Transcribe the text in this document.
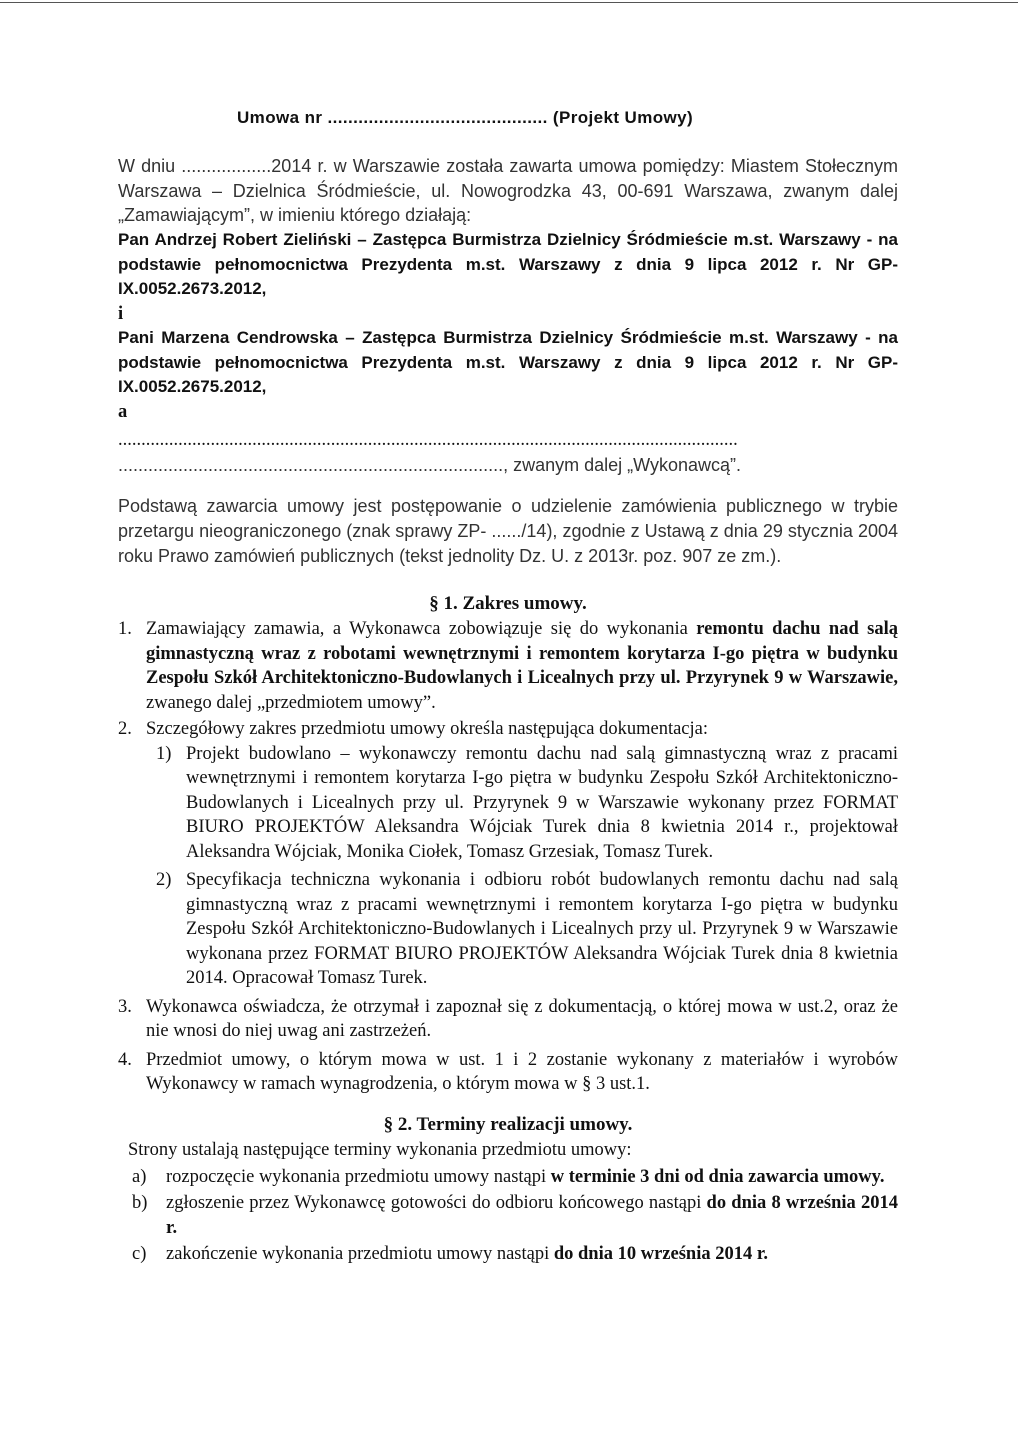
Umowa nr ........................................... (Projekt Umowy)

W dniu ..................2014 r. w Warszawie została zawarta umowa pomiędzy: Miastem Stołecznym Warszawa – Dzielnica Śródmieście, ul. Nowogrodzka 43, 00-691 Warszawa, zwanym dalej „Zamawiającym”, w imieniu którego działają:

Pan Andrzej Robert Zieliński – Zastępca Burmistrza Dzielnicy Śródmieście m.st. Warszawy - na podstawie pełnomocnictwa Prezydenta m.st. Warszawy z dnia 9 lipca 2012 r. Nr GP-IX.0052.2673.2012,

i

Pani Marzena Cendrowska – Zastępca Burmistrza Dzielnicy Śródmieście m.st. Warszawy - na podstawie pełnomocnictwa Prezydenta m.st. Warszawy z dnia 9 lipca 2012 r. Nr GP-IX.0052.2675.2012,

a

......................................................................................................................................

............................................................................., zwanym dalej „Wykonawcą”.

Podstawą zawarcia umowy jest postępowanie o udzielenie zamówienia publicznego w trybie przetargu nieograniczonego (znak sprawy ZP- ....../14), zgodnie z Ustawą z dnia 29 stycznia 2004 roku Prawo zamówień publicznych (tekst jednolity Dz. U. z 2013r. poz. 907 ze zm.).

§ 1. Zakres umowy.
1. Zamawiający zamawia, a Wykonawca zobowiązuje się do wykonania remontu dachu nad salą gimnastyczną wraz z robotami wewnętrznymi i remontem korytarza I-go piętra w budynku Zespołu Szkół Architektoniczno-Budowlanych i Licealnych przy ul. Przyrynek 9 w Warszawie, zwanego dalej „przedmiotem umowy”.

2. Szczegółowy zakres przedmiotu umowy określa następująca dokumentacja:

1) Projekt budowlano – wykonawczy remontu dachu nad salą gimnastyczną wraz z pracami wewnętrznymi i remontem korytarza I-go piętra w budynku Zespołu Szkół Architektoniczno-Budowlanych i Licealnych przy ul. Przyrynek 9 w Warszawie wykonany przez FORMAT BIURO PROJEKTÓW Aleksandra Wójciak Turek dnia 8 kwietnia 2014 r., projektował Aleksandra Wójciak, Monika Ciołek, Tomasz Grzesiak, Tomasz Turek.

2) Specyfikacja techniczna wykonania i odbioru robót budowlanych remontu dachu nad salą gimnastyczną wraz z pracami wewnętrznymi i remontem korytarza I-go piętra w budynku Zespołu Szkół Architektoniczno-Budowlanych i Licealnych przy ul. Przyrynek 9 w Warszawie wykonana przez FORMAT BIURO PROJEKTÓW Aleksandra Wójciak Turek dnia 8 kwietnia 2014. Opracował Tomasz Turek.

3. Wykonawca oświadcza, że otrzymał i zapoznał się z dokumentacją, o której mowa w ust.2, oraz że nie wnosi do niej uwag ani zastrzeżeń.

4. Przedmiot umowy, o którym mowa w ust. 1 i 2 zostanie wykonany z materiałów i wyrobów Wykonawcy w ramach wynagrodzenia, o którym mowa w § 3 ust.1.

§ 2. Terminy realizacji umowy.

Strony ustalają następujące terminy wykonania przedmiotu umowy:

a)	rozpoczęcie wykonania przedmiotu umowy nastąpi w terminie 3 dni od dnia zawarcia umowy.

b)	zgłoszenie przez Wykonawcę gotowości do odbioru końcowego nastąpi do dnia 8 września 2014 r.

c)	zakończenie wykonania przedmiotu umowy nastąpi do dnia 10 września 2014 r.
